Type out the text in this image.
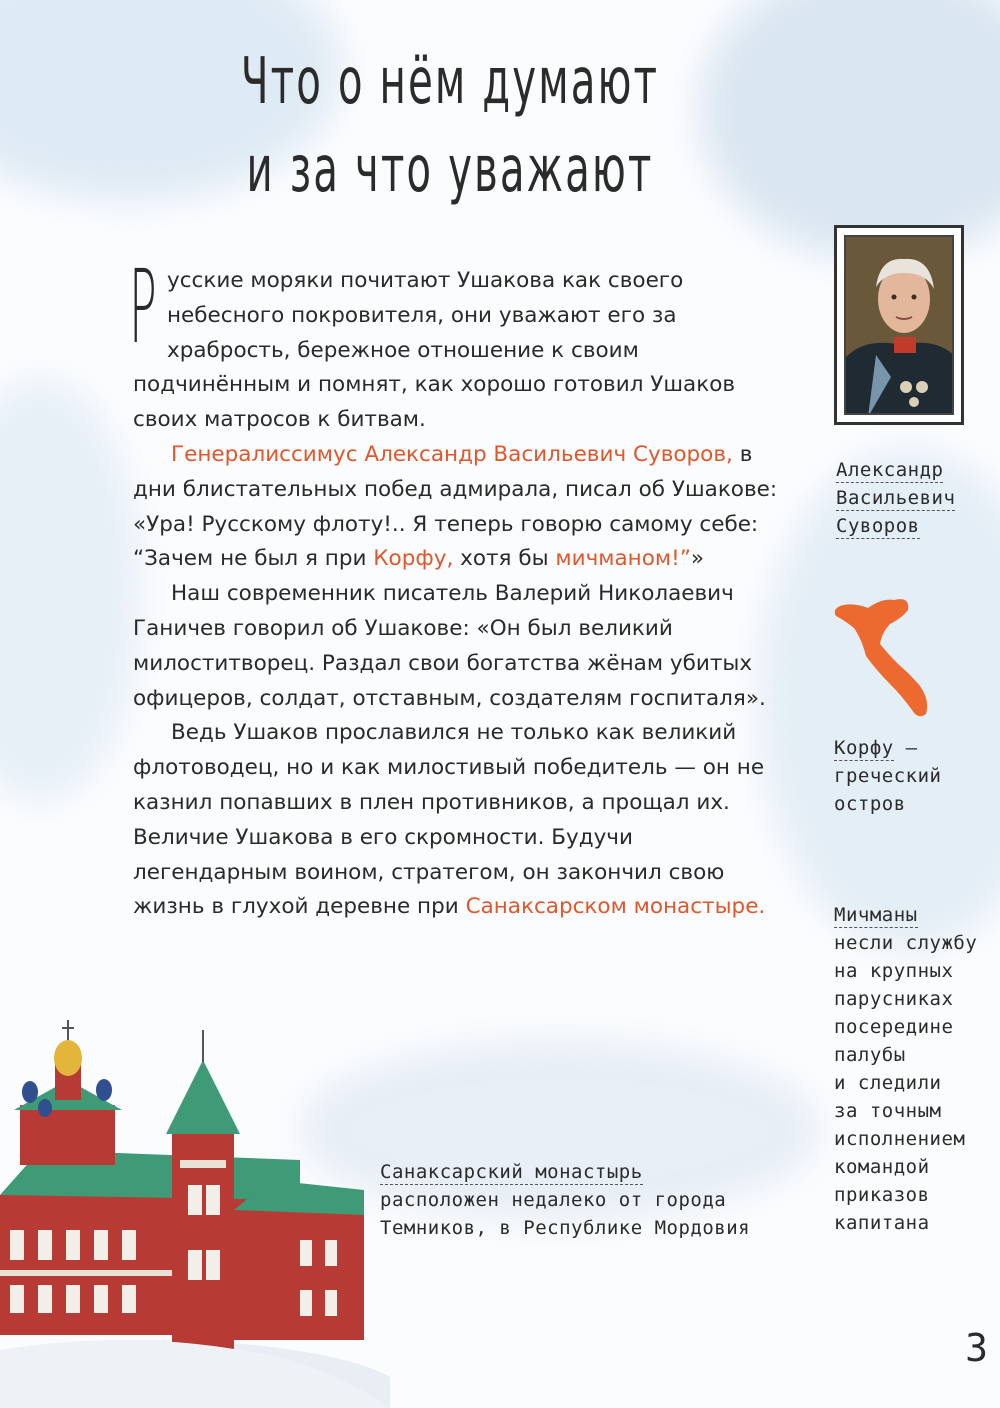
Что о нём думают
и за что уважают

Русские моряки почитают Ушакова как своего небесного покровителя, они уважают его за храбрость, бережное отношение к своим подчинённым и помнят, как хорошо готовил Ушаков своих матросов к битвам.

Генералиссимус Александр Васильевич Суворов, в дни блистательных побед адмирала, писал об Ушакове: «Ура! Русскому флоту!.. Я теперь говорю самому себе: “Зачем не был я при Корфу, хотя бы мичманом!”»

Наш современник писатель Валерий Николаевич Ганичев говорил об Ушакове: «Он был великий милоститворец. Раздал свои богатства жёнам убитых офицеров, солдат, отставным, создателям госпиталя».

Ведь Ушаков прославился не только как великий флотоводец, но и как милостивый победитель — он не казнил попавших в плен противников, а прощал их. Величие Ушакова в его скромности. Будучи легендарным воином, стратегом, он закончил свою жизнь в глухой деревне при Санаксарском монастыре.

Александр
Васильевич
Суворов
Корфу —
греческий
остров
Мичманы
несли службу
на крупных
парусниках
посередине
палубы
и следили
за точным
исполнением
командой
приказов
капитана
Санаксарский монастырь
расположен недалеко от города
Темников, в Республике Мордовия
3
